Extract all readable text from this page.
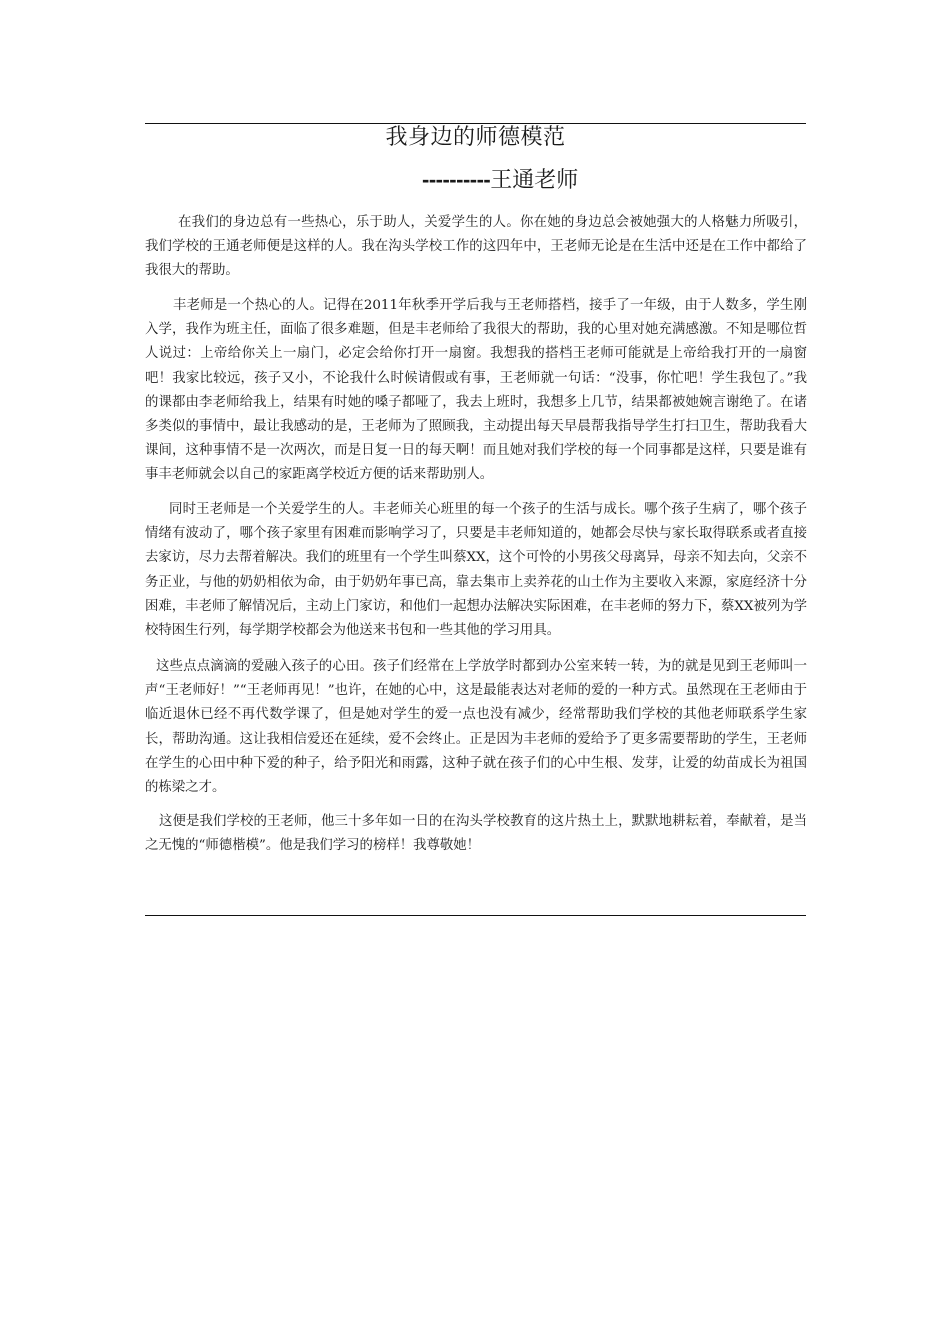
我身边的师德模范
----------王通老师

在我们的身边总有一些热心，乐于助人，关爱学生的人。你在她的身边总会被她强大的人格魅力所吸引，我们学校的王通老师便是这样的人。我在沟头学校工作的这四年中，王老师无论是在生活中还是在工作中都给了我很大的帮助。

丰老师是一个热心的人。记得在2011年秋季开学后我与王老师搭档，接手了一年级，由于人数多，学生刚入学，我作为班主任，面临了很多难题，但是丰老师给了我很大的帮助，我的心里对她充满感激。不知是哪位哲人说过：上帝给你关上一扇门，必定会给你打开一扇窗。我想我的搭档王老师可能就是上帝给我打开的一扇窗吧！我家比较远，孩子又小，不论我什么时候请假或有事，王老师就一句话：“没事，你忙吧！学生我包了。”我的课都由李老师给我上，结果有时她的嗓子都哑了，我去上班时，我想多上几节，结果都被她婉言谢绝了。在诸多类似的事情中，最让我感动的是，王老师为了照顾我，主动提出每天早晨帮我指导学生打扫卫生，帮助我看大课间，这种事情不是一次两次，而是日复一日的每天啊！而且她对我们学校的每一个同事都是这样，只要是谁有事丰老师就会以自己的家距离学校近方便的话来帮助别人。

同时王老师是一个关爱学生的人。丰老师关心班里的每一个孩子的生活与成长。哪个孩子生病了，哪个孩子情绪有波动了，哪个孩子家里有困难而影响学习了，只要是丰老师知道的，她都会尽快与家长取得联系或者直接去家访，尽力去帮着解决。我们的班里有一个学生叫蔡XX，这个可怜的小男孩父母离异，母亲不知去向，父亲不务正业，与他的奶奶相依为命，由于奶奶年事已高，靠去集市上卖养花的山土作为主要收入来源，家庭经济十分困难，丰老师了解情况后，主动上门家访，和他们一起想办法解决实际困难，在丰老师的努力下，蔡XX被列为学校特困生行列，每学期学校都会为他送来书包和一些其他的学习用具。

这些点点滴滴的爱融入孩子的心田。孩子们经常在上学放学时都到办公室来转一转，为的就是见到王老师叫一声“王老师好！”“王老师再见！”也许，在她的心中，这是最能表达对老师的爱的一种方式。虽然现在王老师由于临近退休已经不再代数学课了，但是她对学生的爱一点也没有减少，经常帮助我们学校的其他老师联系学生家长，帮助沟通。这让我相信爱还在延续，爱不会终止。正是因为丰老师的爱给予了更多需要帮助的学生，王老师在学生的心田中种下爱的种子，给予阳光和雨露，这种子就在孩子们的心中生根、发芽，让爱的幼苗成长为祖国的栋梁之才。

这便是我们学校的王老师，他三十多年如一日的在沟头学校教育的这片热土上，默默地耕耘着，奉献着，是当之无愧的“师德楷模”。他是我们学习的榜样！我尊敬她！
